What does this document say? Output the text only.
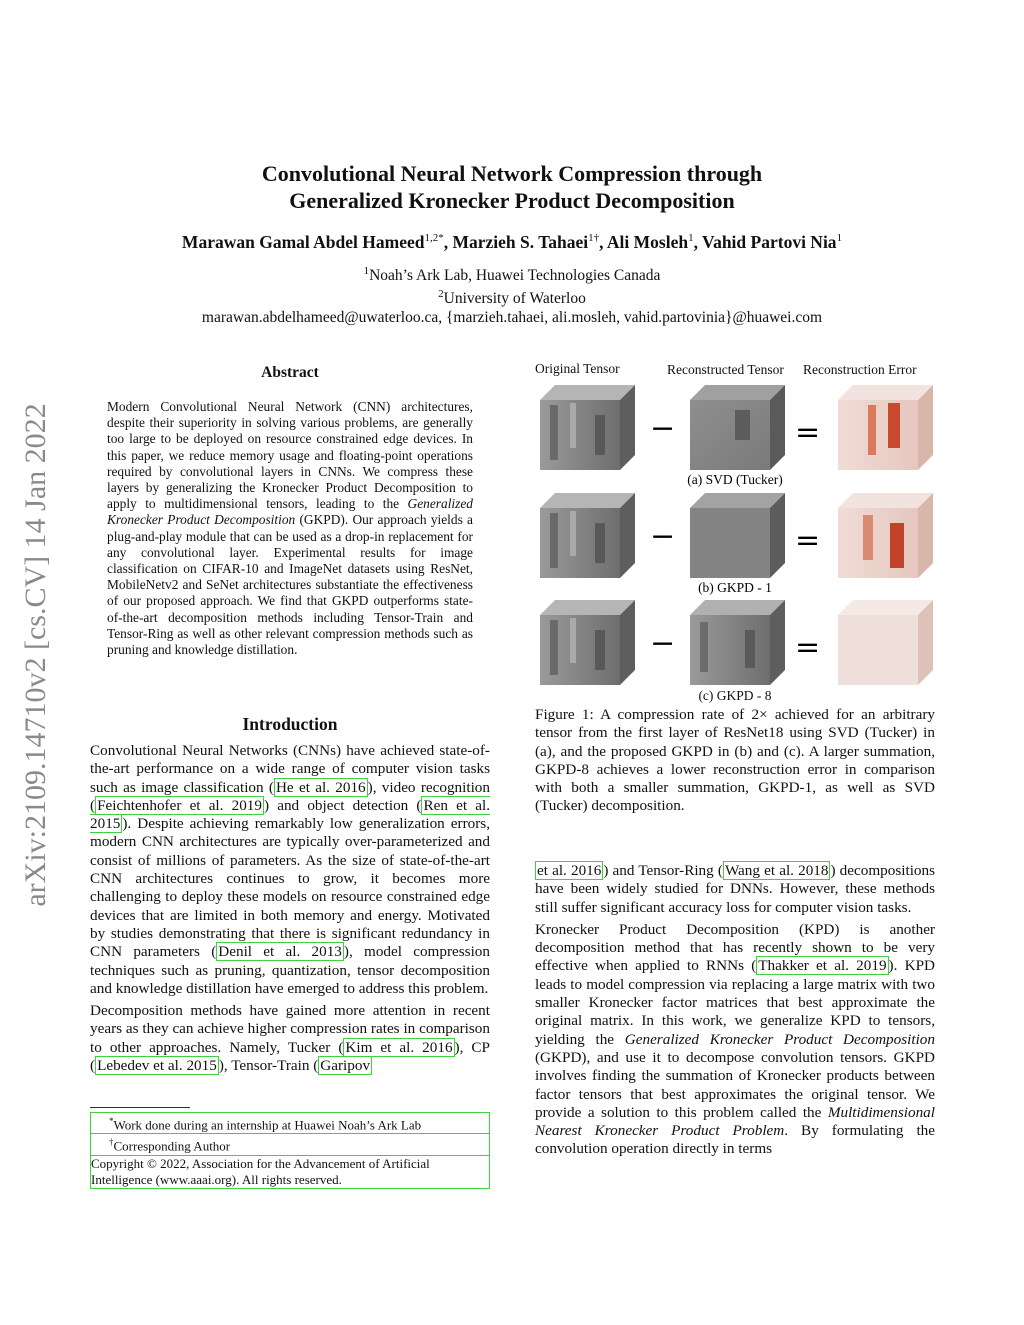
Convolutional Neural Network Compression through
Generalized Kronecker Product Decomposition
Marawan Gamal Abdel Hameed$^{1,2*}$, Marzieh S. Tahaei$^{1\dagger}$, Ali Mosleh$^1$, Vahid Partovi Nia$^1$
$^1$Noah’s Ark Lab, Huawei Technologies Canada
$^2$University of Waterloo
marawan.abdelhameed@uwaterloo.ca, {marzieh.tahaei, ali.mosleh, vahid.partovinia}@huawei.com
arXiv:2109.14710v2 [cs.CV] 14 Jan 2022
Abstract
Modern Convolutional Neural Network (CNN) architectures, despite their superiority in solving various problems, are generally too large to be deployed on resource constrained edge devices. In this paper, we reduce memory usage and floating-point operations required by convolutional layers in CNNs. We compress these layers by generalizing the Kronecker Product Decomposition to apply to multidimensional tensors, leading to the Generalized Kronecker Product Decomposition (GKPD). Our approach yields a plug-and-play module that can be used as a drop-in replacement for any convolutional layer. Experimental results for image classification on CIFAR-10 and ImageNet datasets using ResNet, MobileNetv2 and SeNet architectures substantiate the effectiveness of our proposed approach. We find that GKPD outperforms state-of-the-art decomposition methods including Tensor-Train and Tensor-Ring as well as other relevant compression methods such as pruning and knowledge distillation.
Introduction

Convolutional Neural Networks (CNNs) have achieved state-of-the-art performance on a wide range of computer vision tasks such as image classification ( He et al. 2016 ), video recognition ( Feichtenhofer et al. 2019 ) and object detection ( Ren et al. 2015 ). Despite achieving remarkably low generalization errors, modern CNN architectures are typically over-parameterized and consist of millions of parameters. As the size of state-of-the-art CNN architectures continues to grow, it becomes more challenging to deploy these models on resource constrained edge devices that are limited in both memory and energy. Motivated by studies demonstrating that there is significant redundancy in CNN parameters ( Denil et al. 2013 ), model compression techniques such as pruning, quantization, tensor decomposition and knowledge distillation have emerged to address this problem.

Decomposition methods have gained more attention in recent years as they can achieve higher compression rates in comparison to other approaches. Namely, Tucker ( Kim et al. 2016 ), CP ( Lebedev et al. 2015 ), Tensor-Train ( Garipov

*Work done during an internship at Huawei Noah’s Ark Lab
†Corresponding Author
Copyright © 2022, Association for the Advancement of Artificial Intelligence (www.aaai.org). All rights reserved.
Original Tensor	Reconstructed Tensor Reconstruction Error
−	=
(a) SVD (Tucker)
−	=
(b) GKPD - 1
−	=
(c) GKPD - 8
Figure 1: A compression rate of 2× achieved for an arbitrary tensor from the first layer of ResNet18 using SVD (Tucker) in (a), and the proposed GKPD in (b) and (c). A larger summation, GKPD-8 achieves a lower reconstruction error in comparison with both a smaller summation, GKPD-1, as well as SVD (Tucker) decomposition.

et al. 2016 ) and Tensor-Ring ( Wang et al. 2018 ) decompositions have been widely studied for DNNs. However, these methods still suffer significant accuracy loss for computer vision tasks.

Kronecker Product Decomposition (KPD) is another decomposition method that has recently shown to be very effective when applied to RNNs ( Thakker et al. 2019 ). KPD leads to model compression via replacing a large matrix with two smaller Kronecker factor matrices that best approximate the original matrix. In this work, we generalize KPD to tensors, yielding the Generalized Kronecker Product Decomposition (GKPD), and use it to decompose convolution tensors. GKPD involves finding the summation of Kronecker products between factor tensors that best approximates the original tensor. We provide a solution to this problem called the Multidimensional Nearest Kronecker Product Problem. By formulating the convolution operation directly in terms
